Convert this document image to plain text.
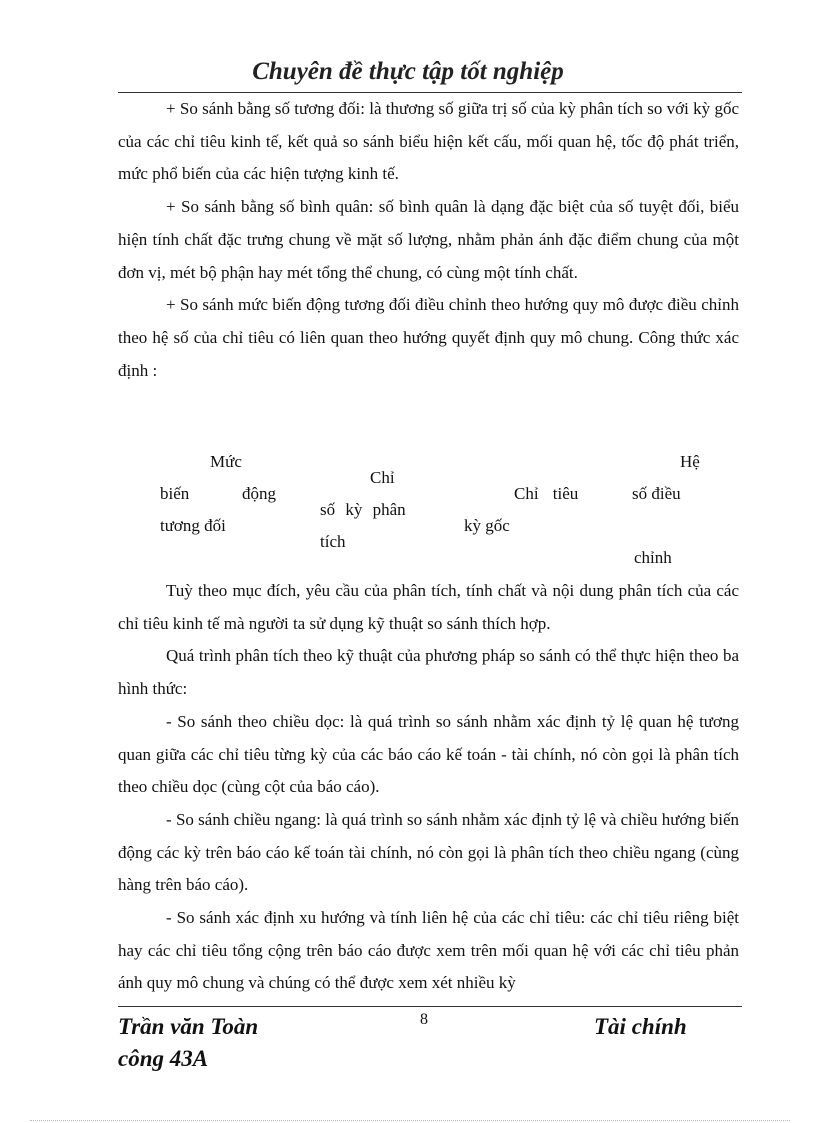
Chuyên đề thực tập tốt nghiệp

+ So sánh bằng số tương đối: là thương số giữa trị số của kỳ phân tích so với kỳ gốc của các chỉ tiêu kinh tế, kết quả so sánh biểu hiện kết cấu, mối quan hệ, tốc độ phát triển, mức phổ biến của các hiện tượng kinh tế.

+ So sánh bằng số bình quân: số bình quân là dạng đặc biệt của số tuyệt đối, biểu hiện tính chất đặc trưng chung về mặt số lượng, nhằm phản ánh đặc điểm chung của một đơn vị, mét bộ phận hay mét tổng thể chung, có cùng một tính chất.

+ So sánh mức biến động tương đối điều chỉnh theo hướng quy mô được điều chỉnh theo hệ số của chỉ tiêu có liên quan theo hướng quyết định quy mô chung. Công thức xác định :

Mức
biến	động
tương đối
Chỉ
số kỳ phân
tích
Chỉ tiêu
kỳ gốc
Hệ
số điều
chỉnh

Tuỳ theo mục đích, yêu cầu của phân tích, tính chất và nội dung phân tích của các chỉ tiêu kinh tế mà người ta sử dụng kỹ thuật so sánh thích hợp.

Quá trình phân tích theo kỹ thuật của phương pháp so sánh có thể thực hiện theo ba hình thức:

- So sánh theo chiều dọc: là quá trình so sánh nhằm xác định tỷ lệ quan hệ tương quan giữa các chỉ tiêu từng kỳ của các báo cáo kế toán - tài chính, nó còn gọi là phân tích theo chiều dọc (cùng cột của báo cáo).

- So sánh chiều ngang: là quá trình so sánh nhằm xác định tỷ lệ và chiều hướng biến động các kỳ trên báo cáo kế toán tài chính, nó còn gọi là phân tích theo chiều ngang (cùng hàng trên báo cáo).

- So sánh xác định xu hướng và tính liên hệ của các chỉ tiêu: các chỉ tiêu riêng biệt hay các chỉ tiêu tổng cộng trên báo cáo được xem trên mối quan hệ với các chỉ tiêu phản ánh quy mô chung và chúng có thể được xem xét nhiều kỳ

Trần văn Toàn
công 43A
8	Tài chính
